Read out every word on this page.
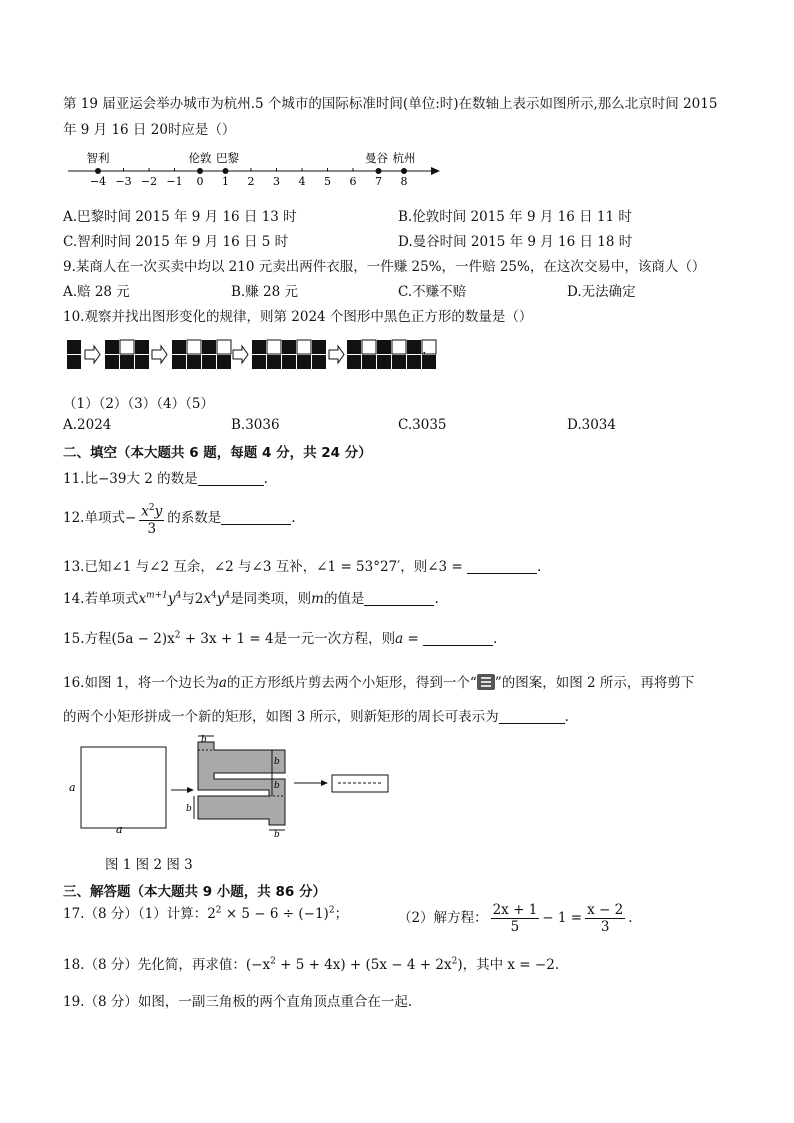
第 19 届亚运会举办城市为杭州.5 个城市的国际标准时间(单位:时)在数轴上表示如图所示,那么北京时间 2015
年 9 月 16 日 20时应是（）
−4 −3 −2 −1 0 1 2 3 4 5 6 7 8
智利	伦敦 巴黎	曼谷 杭州
A.巴黎时间 2015 年 9 月 16 日 13 时	B.伦敦时间 2015 年 9 月 16 日 11 时
C.智利时间 2015 年 9 月 16 日 5 时	D.曼谷时间 2015 年 9 月 16 日 18 时
9.某商人在一次买卖中均以 210 元卖出两件衣服，一件赚 25%，一件赔 25%，在这次交易中，该商人（）
A.赔 28 元	B.赚 28 元	C.不赚不赔	D.无法确定
10.观察并找出图形变化的规律，则第 2024 个图形中黑色正方形的数量是（）
···
（1）（2）（3）（4）（5）
A.2024	B.3036	C.3035	D.3034
二、填空（本大题共 6 题，每题 4 分，共 24 分）
11.比−39大 2 的数是	.
12.单项式− $\frac{x^2y}{3}$ 的系数是	.
13.已知∠1 与∠2 互余，∠2 与∠3 互补，∠1 = 53°27′，则∠3 =	.
14.若单项式$x^{m+1}y^4$与$2x^4y^4$是同类项，则m的值是	.
15.方程$(5a - 2)x^2 + 3x + 1 = 4$是一元一次方程，则a =	.
16.如图 1，将一个边长为a的正方形纸片剪去两个小矩形，得到一个“ ”的图案，如图 2 所示，再将剪下
的两个小矩形拼成一个新的矩形，如图 3 所示，则新矩形的周长可表示为	.
a
a
b
b
b
b
b
图 1 图 2 图 3
三、解答题（本大题共 9 小题，共 86 分）
17.（8 分）（1）计算：$2^2 \times 5 - 6 \div (-1)^2$；	（2）解方程： $\frac{2x + 1}{5} - 1 = \frac{x - 2}{3}$ .
18.（8 分）先化简，再求值：$(-x^2 + 5 + 4x) + (5x - 4 + 2x^2)$，其中 x = −2.
19.（8 分）如图，一副三角板的两个直角顶点重合在一起.
